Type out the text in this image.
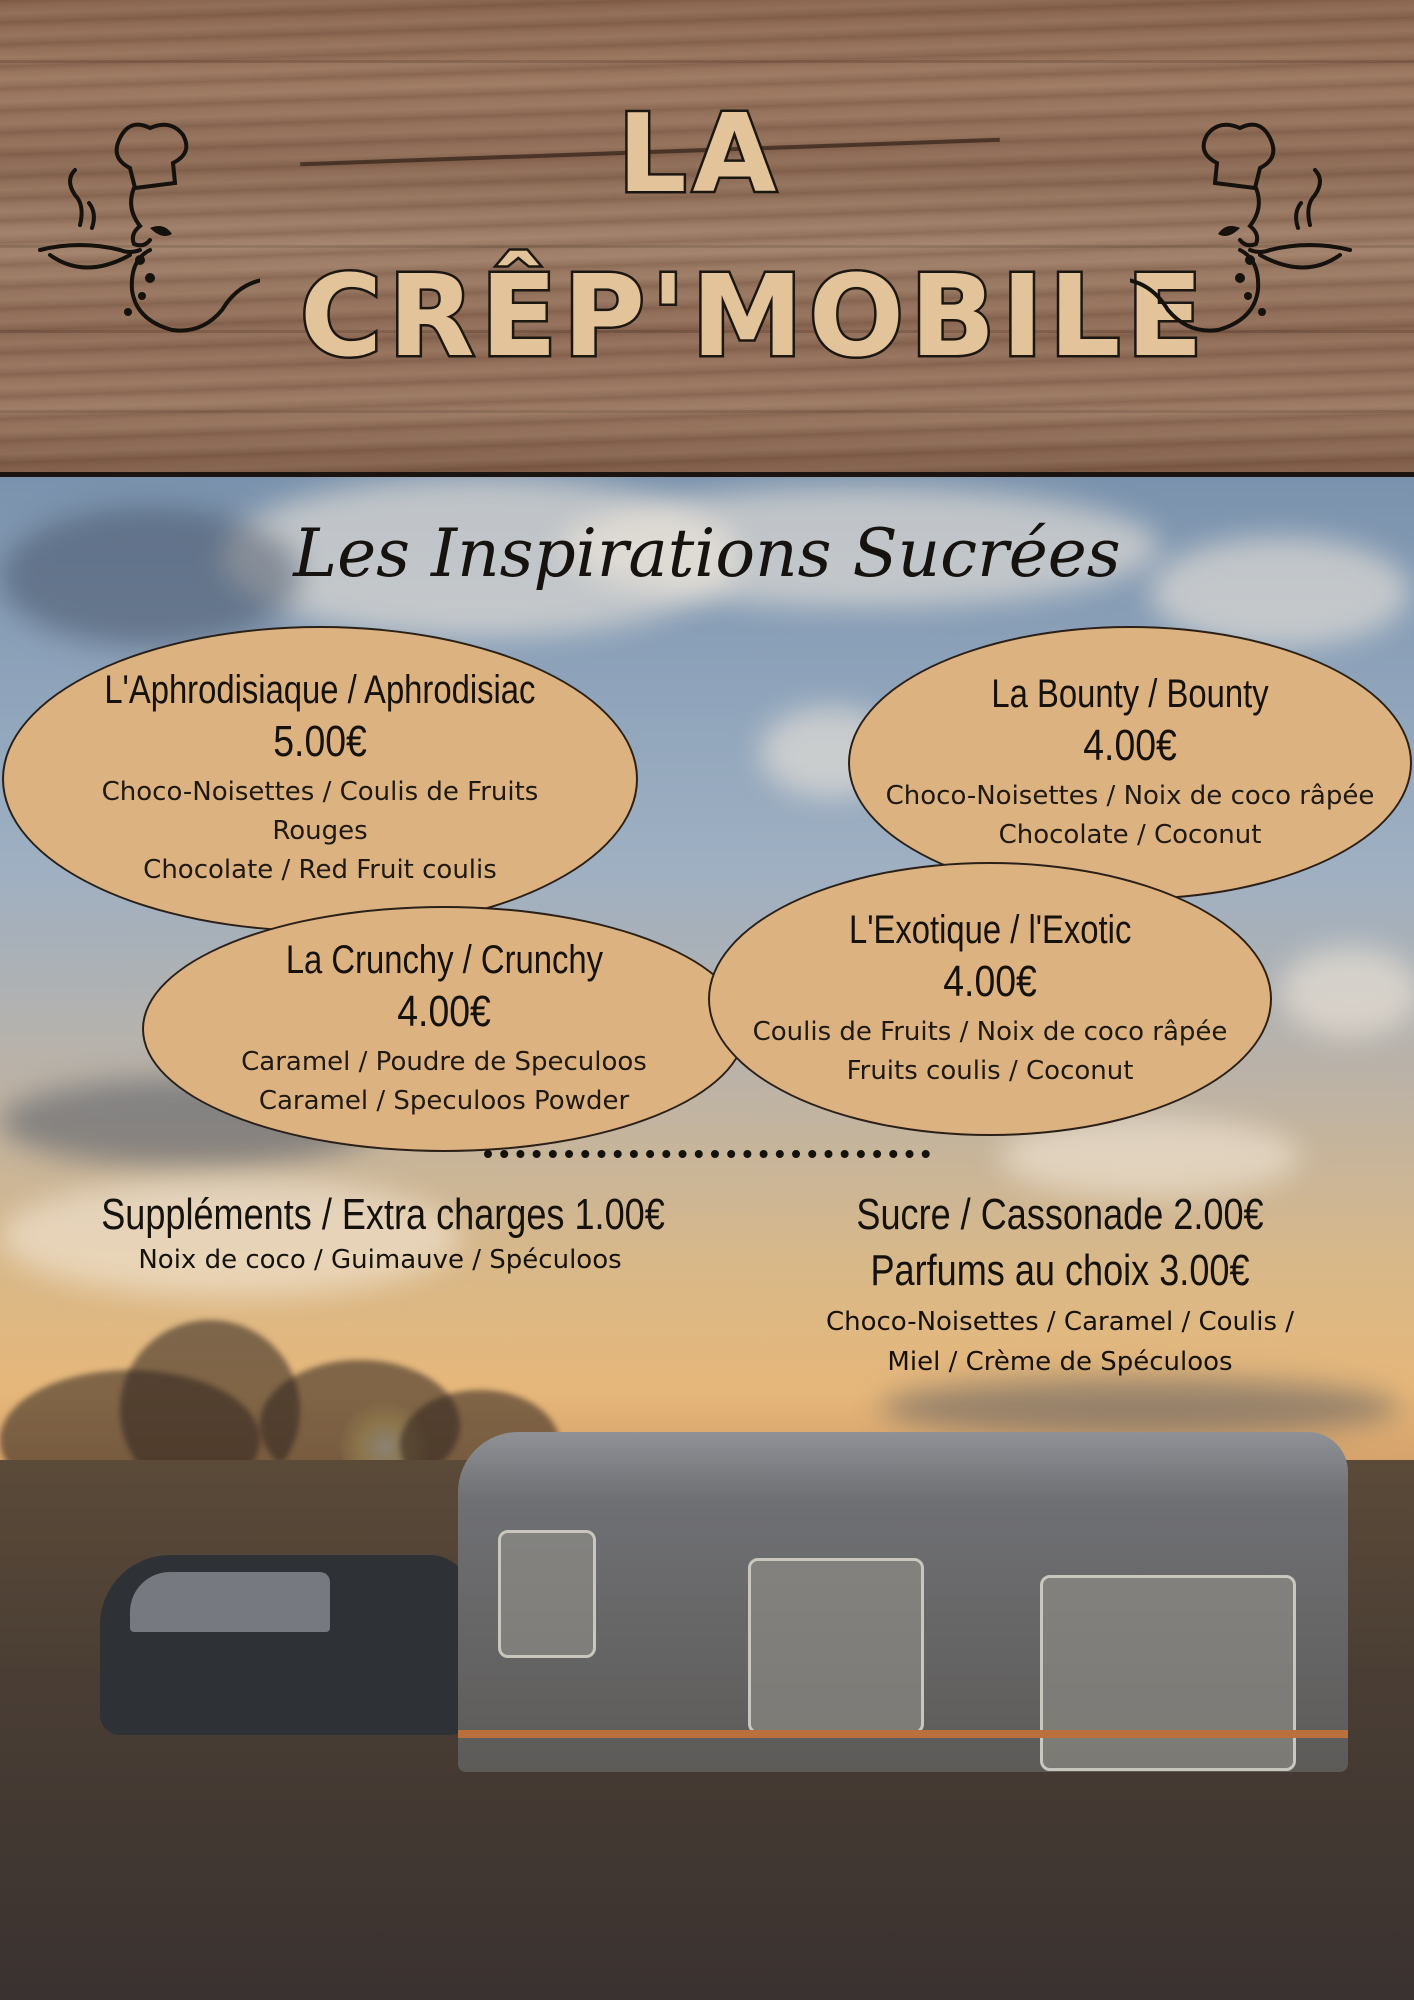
LA
CRÊP'MOBILE
Les Inspirations Sucrées
L'Aphrodisiaque / Aphrodisiac
5.00€
Choco-Noisettes / Coulis de Fruits Rouges
Chocolate / Red Fruit coulis
La Bounty / Bounty
4.00€
Choco-Noisettes / Noix de coco râpée
Chocolate / Coconut
La Crunchy / Crunchy
4.00€
Caramel / Poudre de Speculoos
Caramel / Speculoos Powder
L'Exotique / l'Exotic
4.00€
Coulis de Fruits / Noix de coco râpée
Fruits coulis / Coconut
Suppléments / Extra charges 1.00€
Noix de coco / Guimauve / Spéculoos
Sucre / Cassonade 2.00€
Parfums au choix 3.00€
Choco-Noisettes / Caramel / Coulis /
Miel / Crème de Spéculoos
